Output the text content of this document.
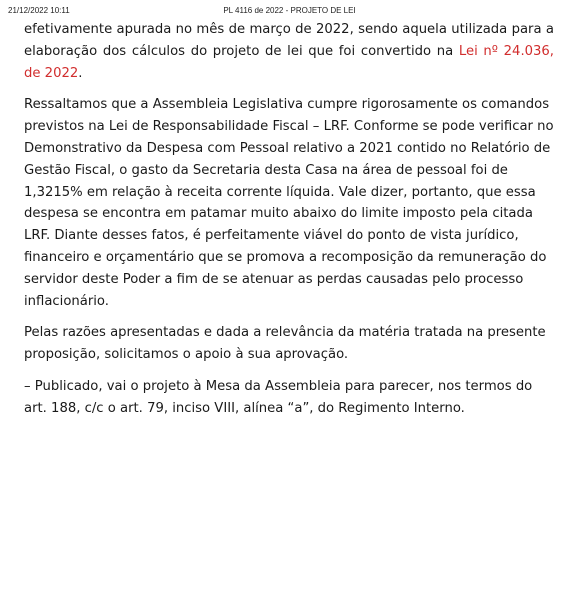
21/12/2022 10:11	PL 4116 de 2022 - PROJETO DE LEI

efetivamente apurada no mês de março de 2022, sendo aquela utilizada para a elaboração dos cálculos do projeto de lei que foi convertido na Lei nº 24.036, de 2022.

Ressaltamos que a Assembleia Legislativa cumpre rigorosamente os comandos previstos na Lei de Responsabilidade Fiscal – LRF. Conforme se pode verificar no Demonstrativo da Despesa com Pessoal relativo a 2021 contido no Relatório de Gestão Fiscal, o gasto da Secretaria desta Casa na área de pessoal foi de 1,3215% em relação à receita corrente líquida. Vale dizer, portanto, que essa despesa se encontra em patamar muito abaixo do limite imposto pela citada LRF. Diante desses fatos, é perfeitamente viável do ponto de vista jurídico, financeiro e orçamentário que se promova a recomposição da remuneração do servidor deste Poder a fim de se atenuar as perdas causadas pelo processo inflacionário.

Pelas razões apresentadas e dada a relevância da matéria tratada na presente proposição, solicitamos o apoio à sua aprovação.

– Publicado, vai o projeto à Mesa da Assembleia para parecer, nos termos do art. 188, c/c o art. 79, inciso VIII, alínea “a”, do Regimento Interno.
